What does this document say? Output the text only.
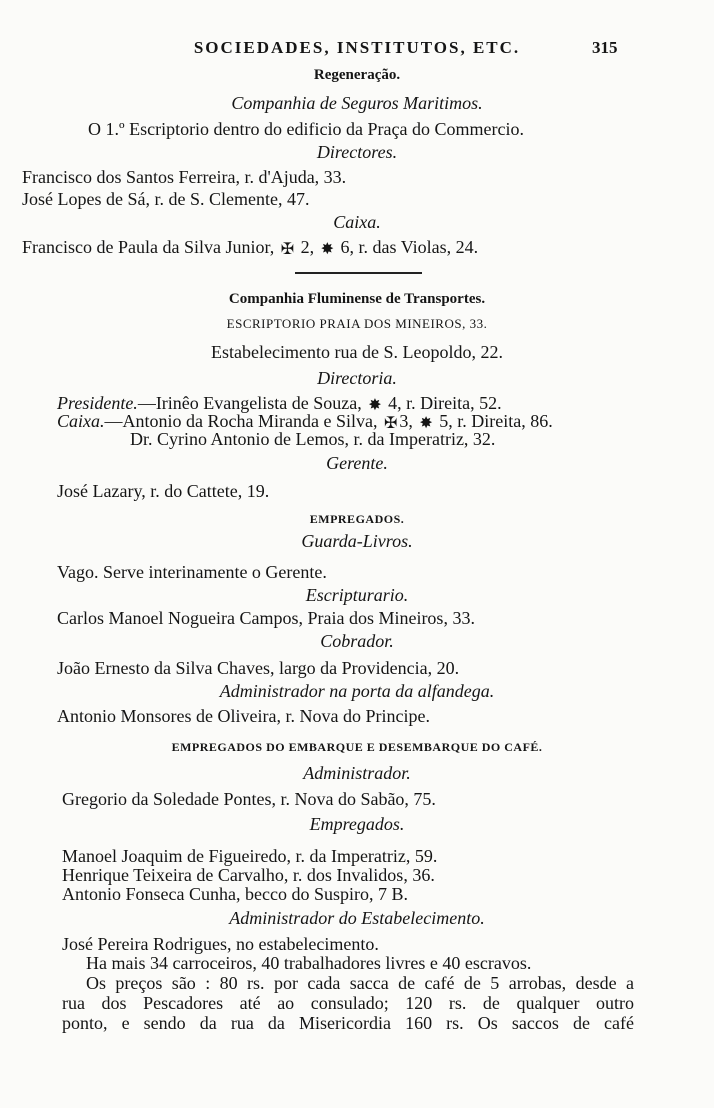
SOCIEDADES, INSTITUTOS, ETC.	315
Regeneração.
Companhia de Seguros Maritimos.
O 1.º Escriptorio dentro do edificio da Praça do Commercio.
Directores.
Francisco dos Santos Ferreira, r. d'Ajuda, 33.
José Lopes de Sá, r. de S. Clemente, 47.
Caixa.
Francisco de Paula da Silva Junior, ✠ 2, ✸ 6, r. das Violas, 24.
Companhia Fluminense de Transportes.
ESCRIPTORIO PRAIA DOS MINEIROS, 33.
Estabelecimento rua de S. Leopoldo, 22.
Directoria.
Presidente.—Irinêo Evangelista de Souza, ✸ 4, r. Direita, 52.
Caixa.—Antonio da Rocha Miranda e Silva, ✠ 3, ✸ 5, r. Direita, 86.
Dr. Cyrino Antonio de Lemos, r. da Imperatriz, 32.
Gerente.
José Lazary, r. do Cattete, 19.
EMPREGADOS.
Guarda-Livros.
Vago. Serve interinamente o Gerente.
Escripturario.
Carlos Manoel Nogueira Campos, Praia dos Mineiros, 33.
Cobrador.
João Ernesto da Silva Chaves, largo da Providencia, 20.
Administrador na porta da alfandega.
Antonio Monsores de Oliveira, r. Nova do Principe.
EMPREGADOS DO EMBARQUE E DESEMBARQUE DO CAFÉ.
Administrador.
Gregorio da Soledade Pontes, r. Nova do Sabão, 75.
Empregados.
Manoel Joaquim de Figueiredo, r. da Imperatriz, 59.
Henrique Teixeira de Carvalho, r. dos Invalidos, 36.
Antonio Fonseca Cunha, becco do Suspiro, 7 B.
Administrador do Estabelecimento.
José Pereira Rodrigues, no estabelecimento.
Ha mais 34 carroceiros, 40 trabalhadores livres e 40 escravos.
Os preços são : 80 rs. por cada sacca de café de 5 arrobas, desde a
rua dos Pescadores até ao consulado; 120 rs. de qualquer outro
ponto, e sendo da rua da Misericordia 160 rs. Os saccos de café
